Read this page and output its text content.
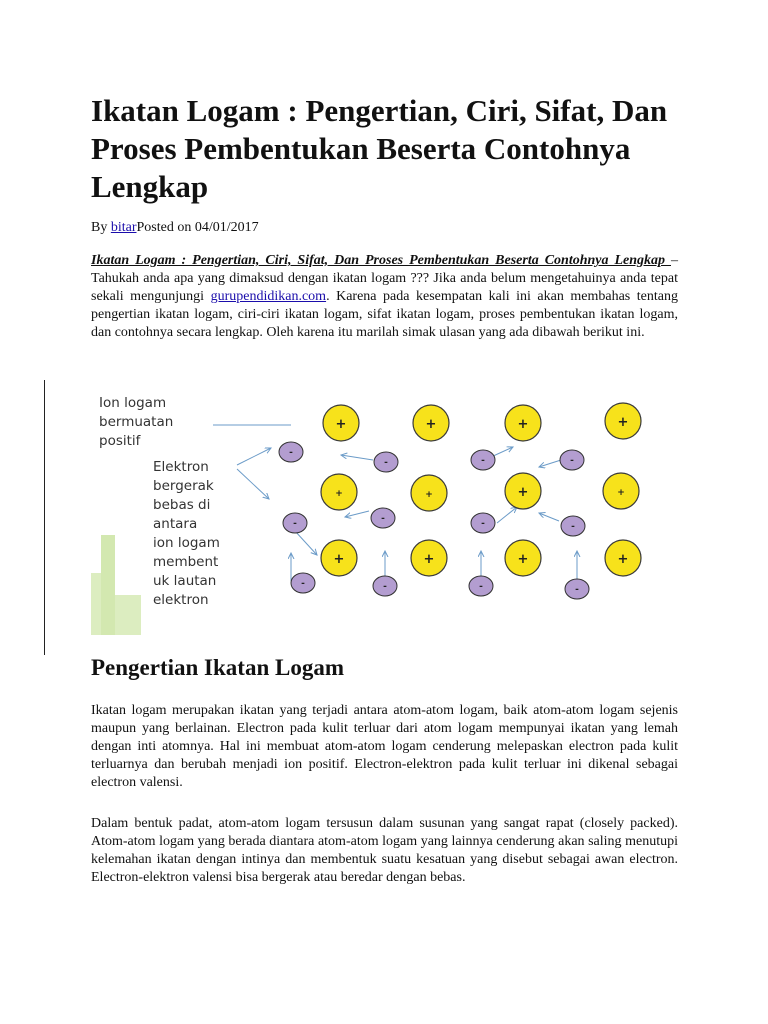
Ikatan Logam : Pengertian, Ciri, Sifat, Dan Proses Pembentukan Beserta Contohnya Lengkap
By bitarPosted on 04/01/2017

Ikatan Logam : Pengertian, Ciri, Sifat, Dan Proses Pembentukan Beserta Contohnya Lengkap – Tahukah anda apa yang dimaksud dengan ikatan logam ??? Jika anda belum mengetahuinya anda tepat sekali mengunjungi gurupendidikan.com. Karena pada kesempatan kali ini akan membahas tentang pengertian ikatan logam, ciri-ciri ikatan logam, sifat ikatan logam, proses pembentukan ikatan logam, dan contohnya secara lengkap. Oleh karena itu marilah simak ulasan yang ada dibawah berikut ini.

Ion logam
bermuatan
positif
Elektron
bergerak
bebas di
antara
ion logam
membent
uk lautan
elektron
+	+	+	+
+	+	+	+
+	+	+	+
-
-	-	-
-	-	-	-
-	-	-	-
Pengertian Ikatan Logam

Ikatan logam merupakan ikatan yang terjadi antara atom-atom logam, baik atom-atom logam sejenis maupun yang berlainan. Electron pada kulit terluar dari atom logam mempunyai ikatan yang lemah dengan inti atomnya. Hal ini membuat atom-atom logam cenderung melepaskan electron pada kulit terluarnya dan berubah menjadi ion positif. Electron-elektron pada kulit terluar ini dikenal sebagai electron valensi.

Dalam bentuk padat, atom-atom logam tersusun dalam susunan yang sangat rapat (closely packed). Atom-atom logam yang berada diantara atom-atom logam yang lainnya cenderung akan saling menutupi kelemahan ikatan dengan intinya dan membentuk suatu kesatuan yang disebut sebagai awan electron. Electron-elektron valensi bisa bergerak atau beredar dengan bebas.
